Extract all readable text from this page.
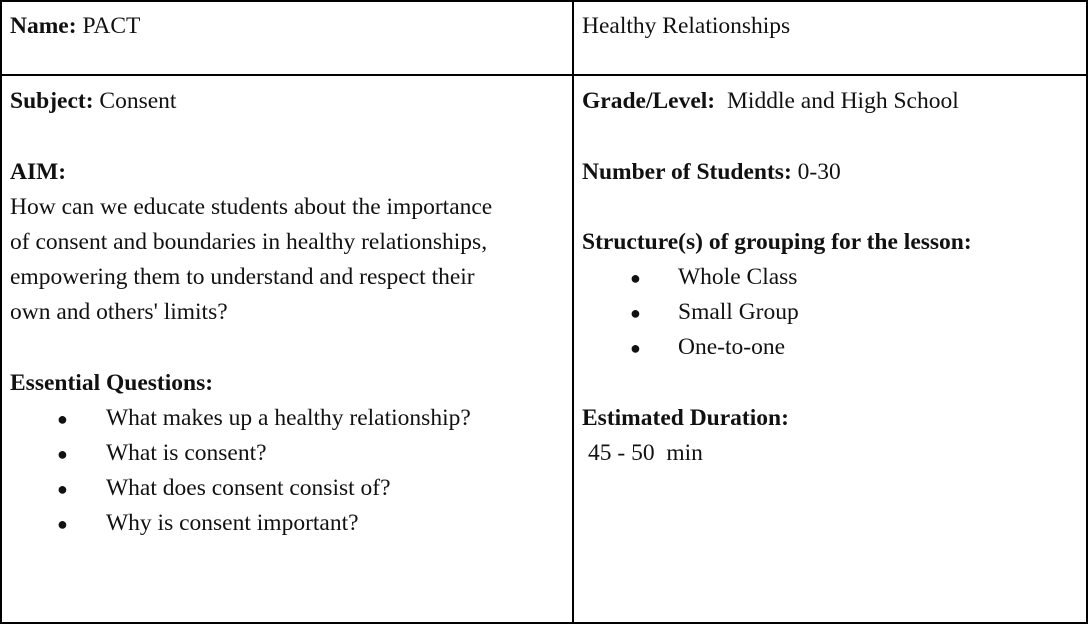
Name: PACT	Healthy Relationships
Subject: Consent
AIM:
How can we educate students about the importance
of consent and boundaries in healthy relationships,
empowering them to understand and respect their
own and others' limits?
Essential Questions:
● What makes up a healthy relationship?
● What is consent?
● What does consent consist of?
● Why is consent important?
Grade/Level: Middle and High School
Number of Students: 0-30
Structure(s) of grouping for the lesson:
● Whole Class
● Small Group
● One-to-one
Estimated Duration:
45 - 50  min
